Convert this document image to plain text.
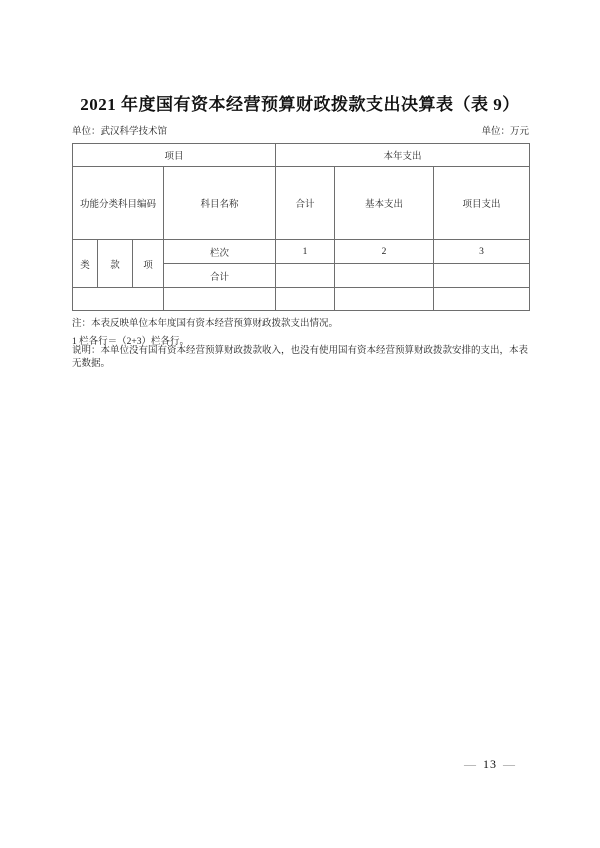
2021 年度国有资本经营预算财政拨款支出决算表（表 9）
单位：武汉科学技术馆	单位：万元
项目				本年支出		
功能分类科目编码			科目名称	合计	基本支出	项目支出
类	款	项	栏次	1	2	3
			合计			

注：本表反映单位本年度国有资本经营预算财政拨款支出情况。
1 栏各行＝（2+3）栏各行。
说明：本单位没有国有资本经营预算财政拨款收入，也没有使用国有资本经营预算财政拨款安排的支出，本表无数据。
— 13 —
